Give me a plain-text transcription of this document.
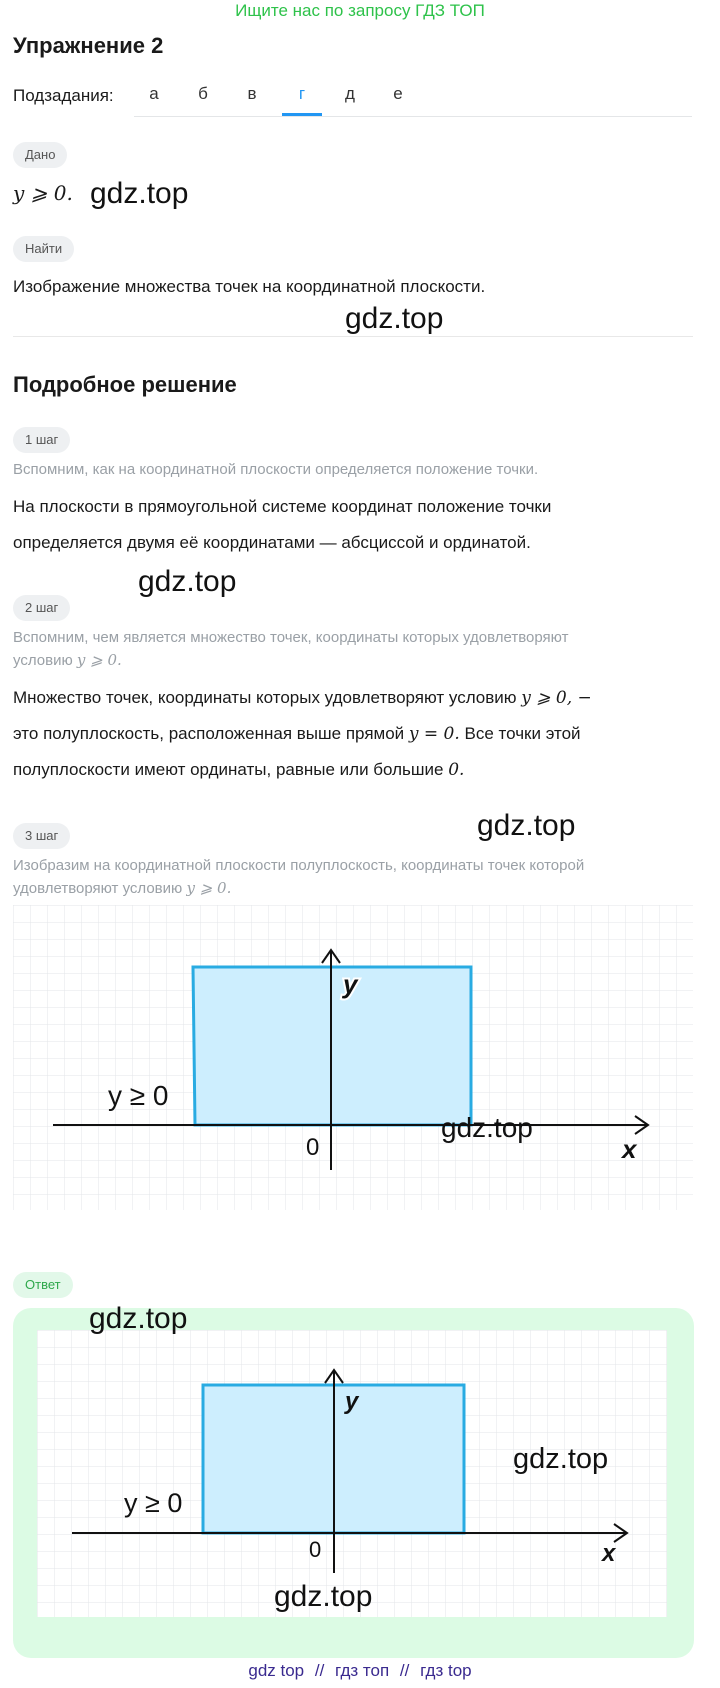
Ищите нас по запросу ГДЗ ТОП
Упражнение 2
Подзадания:	а	б	в	г	д	е
Дано
y ⩾ 0. gdz.top
Найти
Изображение множества точек на координатной плоскости.
gdz.top
Подробное решение
1 шаг
Вспомним, как на координатной плоскости определяется положение точки.
На плоскости в прямоугольной системе координат положение точки
определяется двумя её координатами — абсциссой и ординатой.
gdz.top
2 шаг
Вспомним, чем является множество точек, координаты которых удовлетворяют
условию y ⩾ 0.
Множество точек, координаты которых удовлетворяют условию y ⩾ 0, −
это полуплоскость, расположенная выше прямой y = 0. Все точки этой
полуплоскости имеют ординаты, равные или большие 0.
3 шаг	gdz.top
Изобразим на координатной плоскости полуплоскость, координаты точек которой
удовлетворяют условию y ⩾ 0.
y
x
0
y ≥ 0
gdz.top
Ответ
y
x
0
y ≥ 0
gdz.top
gdz.top
gdz.top
gdz top // гдз топ // гдз top
